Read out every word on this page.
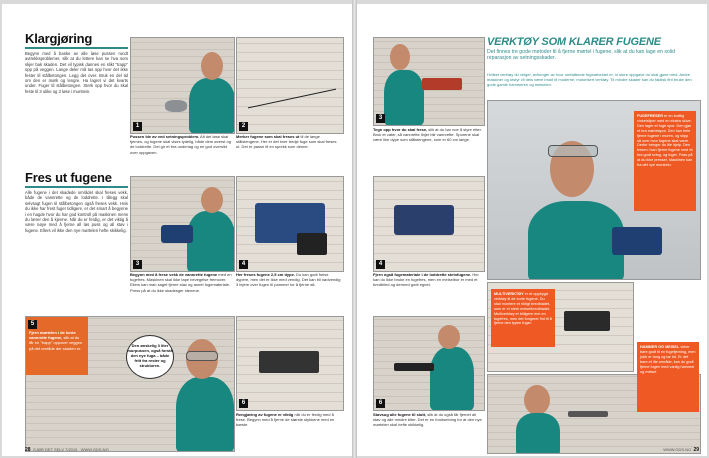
Klargjøring
Begynn med å banke av alle løse pussen rundt avtrekksproblemer, slik at du lettere kan se hva som skjer bak skaden. Det vil typisk dannes en slikt "trapp" opp på veggen. Lange deler må tas opp hvor det ikke fester til stålbetongen. Legg det over. Bruk en del tid om den er mørk og lengre. Ha lagret vi det kvarts under. Fuger til stålbetongen. Sterk opp hvor du skal feste til 3 ulike og 3 løse i murstein.
Fres ut fugene
Alle fugene i det skadede området skal freses vekk, både de vannrette og de loddrette. I tillegg skal selvsagt fugen til stålbetongen også freses vekk. Hvis du ikke har frest fuger tidligere, er det smart å begynne i en hagde hvor du har god kontroll på maskinen mens du lærer den å kjenne. Når du er ferdig, er det viktig å være nøye med å fjerne all løs puss og all støv i fugene. Ellers vil ikke den nye mørtelen hefte skikkelig.
1
Pussen ble av ved setningsproblem. Alt det løse skal fjernes, og fugene skal vises tydelig, både dem øverst og de loddrette. Det gir et bra underlag og en god oversikt over oppgaven.
2
Merker fugene som skal freses ut til de lange stålstengene. Her er det hver tredje fuge som skal freses ut. Det er passe til en sprekk som denne.
3
Begynn med å frese vekk de vannrette fugene med en fugefres. Maskinen skal ikke tape bevegelse fremover. Ellers kan man saget fjerne stav og annet fugemateriale. Press på at du ikke skadesger stenene.
4
Her freses fugene 2,5 cm dype. Du kan godt freise dypere, men det er ikke med vendig. Det kan bli nødvendig 3 lejere over fugen til pammer for å fjerne alt.
5
Fjern mørtelen i de korte vannrette fugene, slik at du får en "trapp" oppover veggen på det område der skaden er.
Den ønskelig 3 liter murpussen, også forstå den nye fuga – både fritt fra rester og strukturen.
6
Rengjøring av fugene er viktig når du er ferdig med å frese. Begynn med å fjerne de største stykkene med en børste.
28 GJØR DET SELV 7/2015 WWW.GDS.NO
3
Tegn opp hvor du skal frese, slik at du har noe å styre etter. Bruk et vater, så vannrette linjer blir vannrette. Sporene skal være like dype som stålstengene, som er 60 cm lange.
4
Fjern også fugemateriale i de loddrette steinfugene. Her kan du ikke bruke en fugefres, men en meiselbor er med et bredbiled og dermed godt egnet.
6
Støvsug alle fugene til slutt, slik at du også får fjernet all støv og alle mindre biter. Det er en forutsetning for at den nye mørtelen skal hefte skikkelig.
VERKTØY SOM KLARER FUGENE
Det finnes tre gode metoder til å fjerne mørtel i fugene, slik at du kan lage en solid reparasjon av setningsskader.
Hvilket verktøy du velger, avhenger av hvor omfattende fugearbeidet er, lo store oppgave du skal gjøre med. Andre maskiner og utstyr vil dels være brukt til moderne, motorisert verktøy. Til mindre skader kan du faktisk fint bruke den gode gamle hammeren og meiselen.
FUGEFRESER er en kraftig vinkelsliper med en ekstra skive. Den lager et fuge spor. Den gjør et bra mørtelspor. Den kan hele fjerne fugene i muren, og slipp så over hvor fugene skal være. Derfor trenger du lite hjelp. Den fresen i kan fjerne fugene med et bra godt sving, og fuger. Pass på at du ikke presser, Maskinen kan fra det nye murstein.
MULTIVERKTØY er et oppbygd verktøy til de korte fugene. Du skal montere et riktigt bredbladet, som er et sterk meiselbredbladet. Multiverktøy er billigere enn en fugefres, men det fungerer fint til å fjerne den typen fuger.
HAMMER OG MEISEL virker bare godt til en fugefjerning, men jobb er tung og tar tid. Er det bare et lite område, kan du godt fjerne fugen med vanlig hammer og meisel.
WWW.GDS.NO 29
